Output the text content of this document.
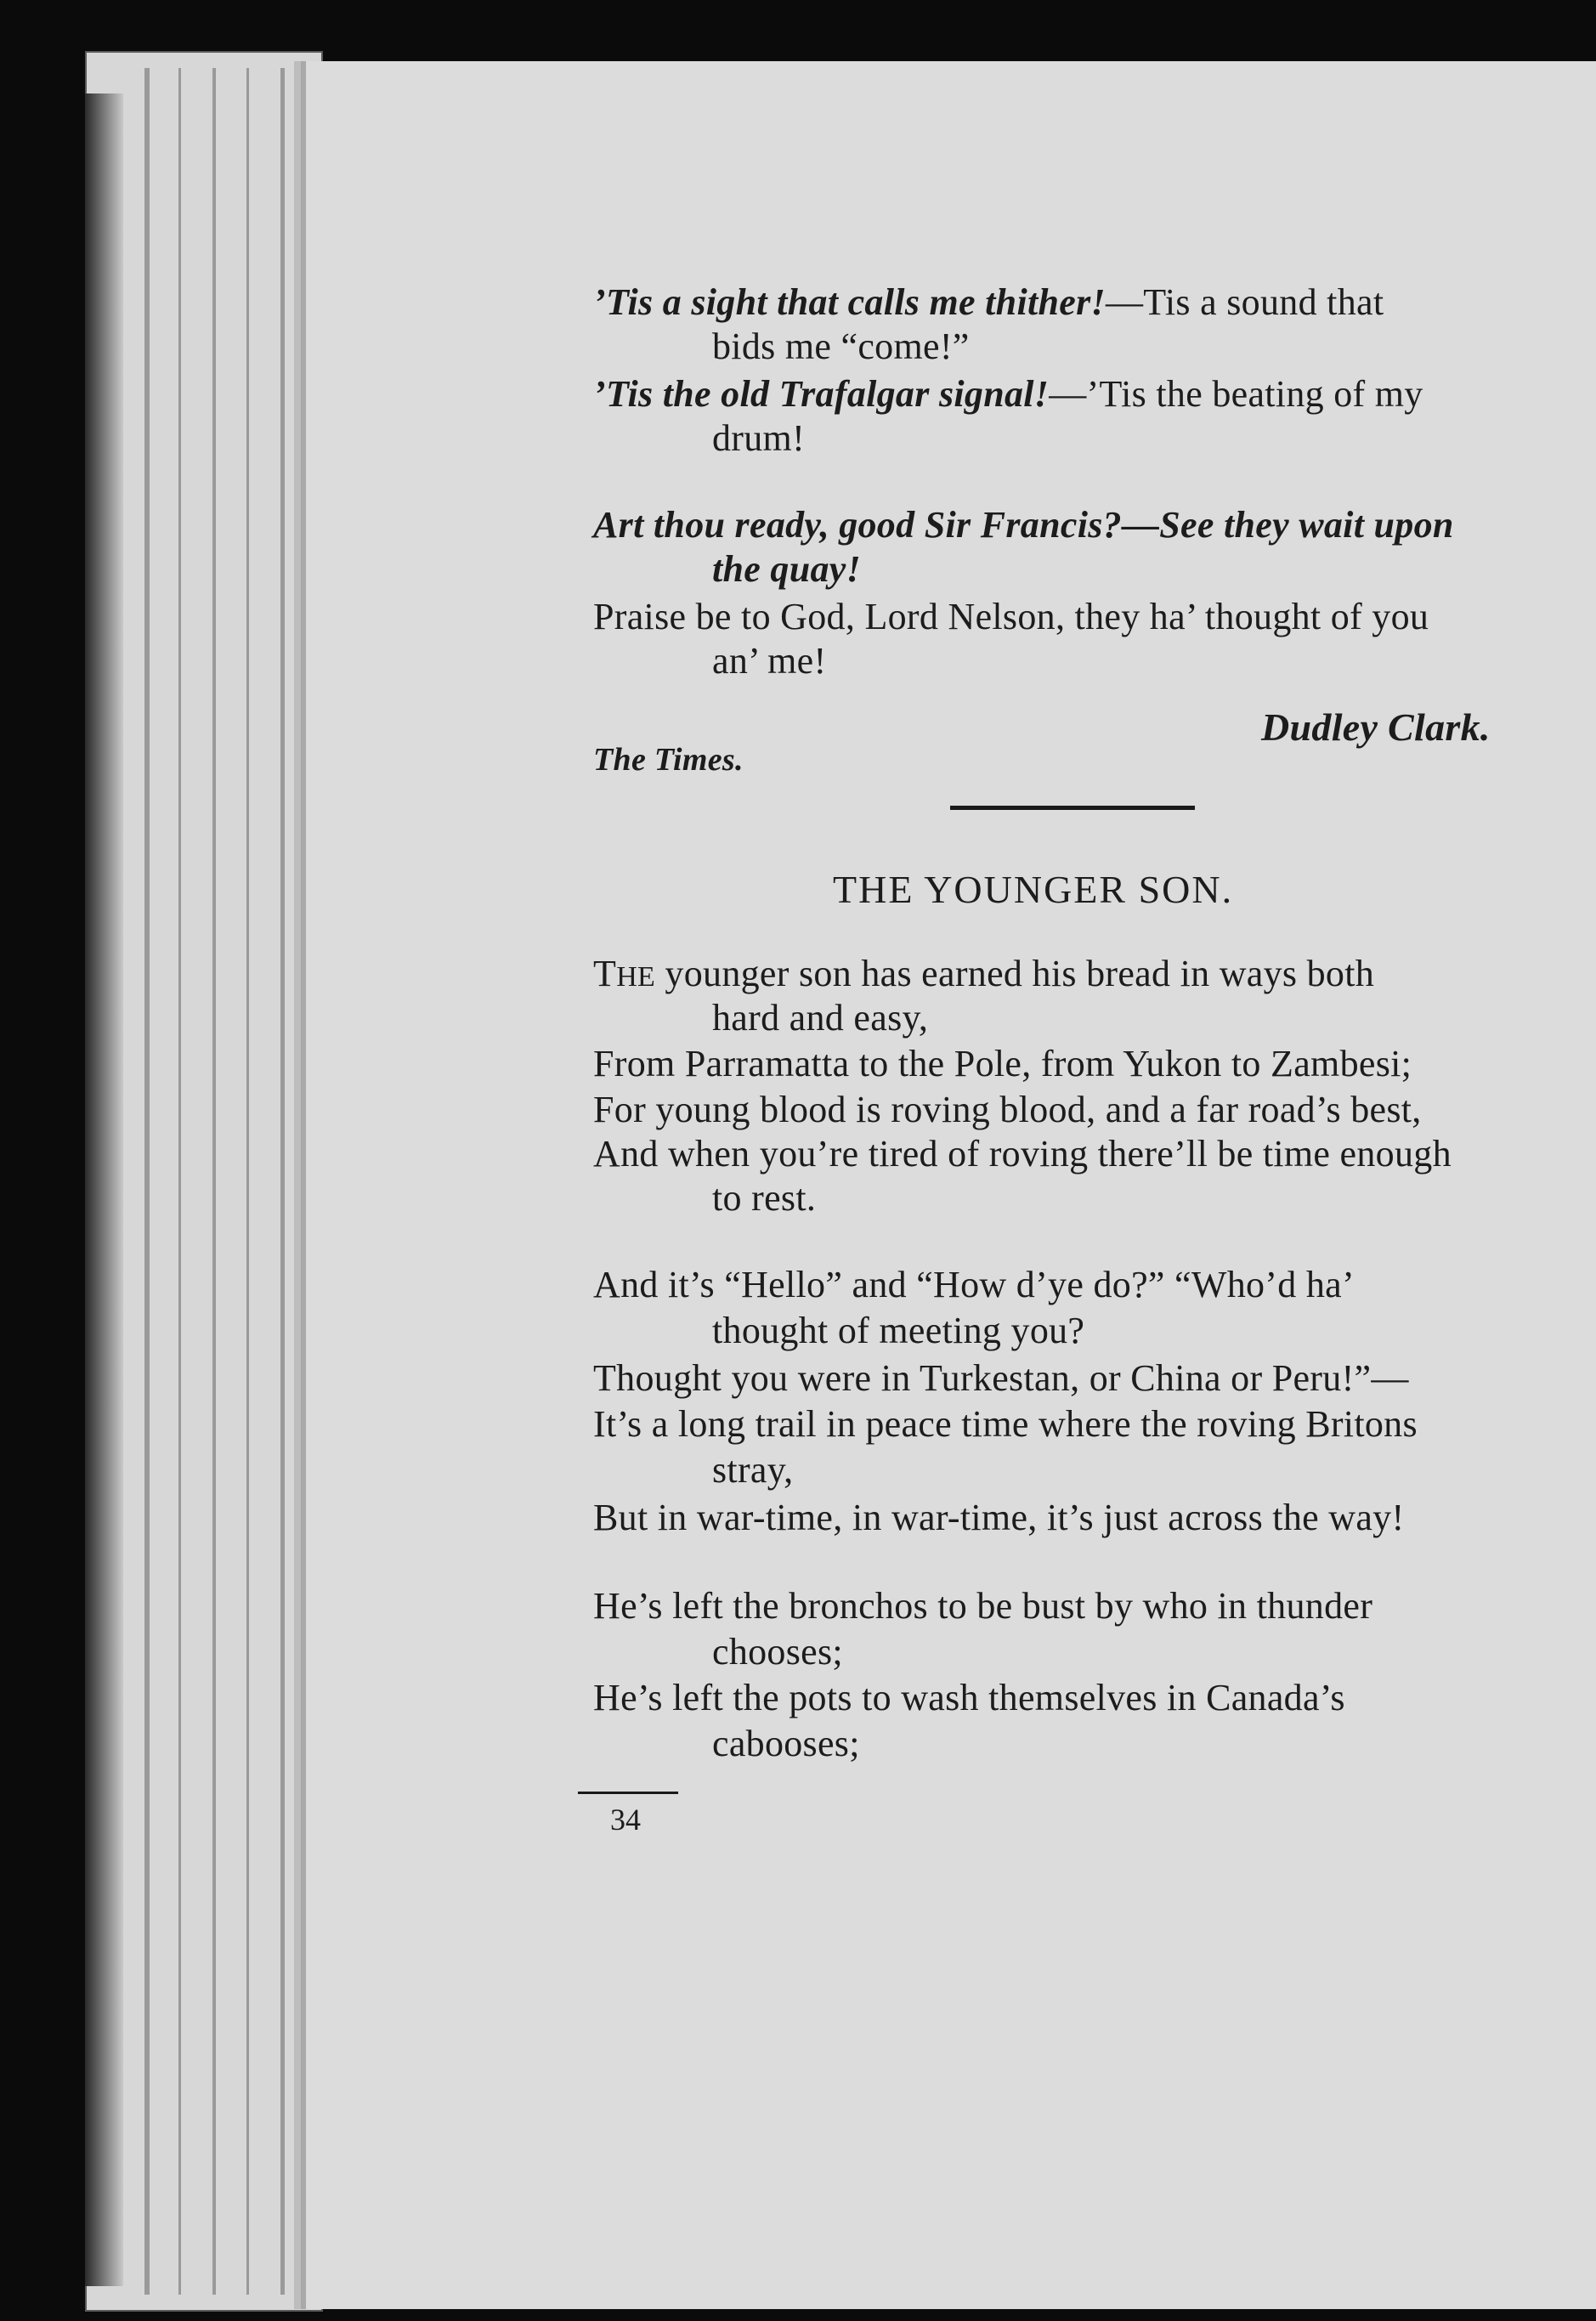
’Tis a sight that calls me thither!—Tis a sound that
bids me “come!”
’Tis the old Trafalgar signal!—’Tis the beating of my
drum!
Art thou ready, good Sir Francis?—See they wait upon
the quay!
Praise be to God, Lord Nelson, they ha’ thought of you
an’ me!
Dudley Clark.
The Times.
THE YOUNGER SON.
THE younger son has earned his bread in ways both
hard and easy,
From Parramatta to the Pole, from Yukon to Zambesi;
For young blood is roving blood, and a far road’s best,
And when you’re tired of roving there’ll be time enough
to rest.
And it’s “Hello” and “How d’ye do?” “Who’d ha’
thought of meeting you?
Thought you were in Turkestan, or China or Peru!”—
It’s a long trail in peace time where the roving Britons
stray,
But in war-time, in war-time, it’s just across the way!
He’s left the bronchos to be bust by who in thunder
chooses;
He’s left the pots to wash themselves in Canada’s
cabooses;
34
